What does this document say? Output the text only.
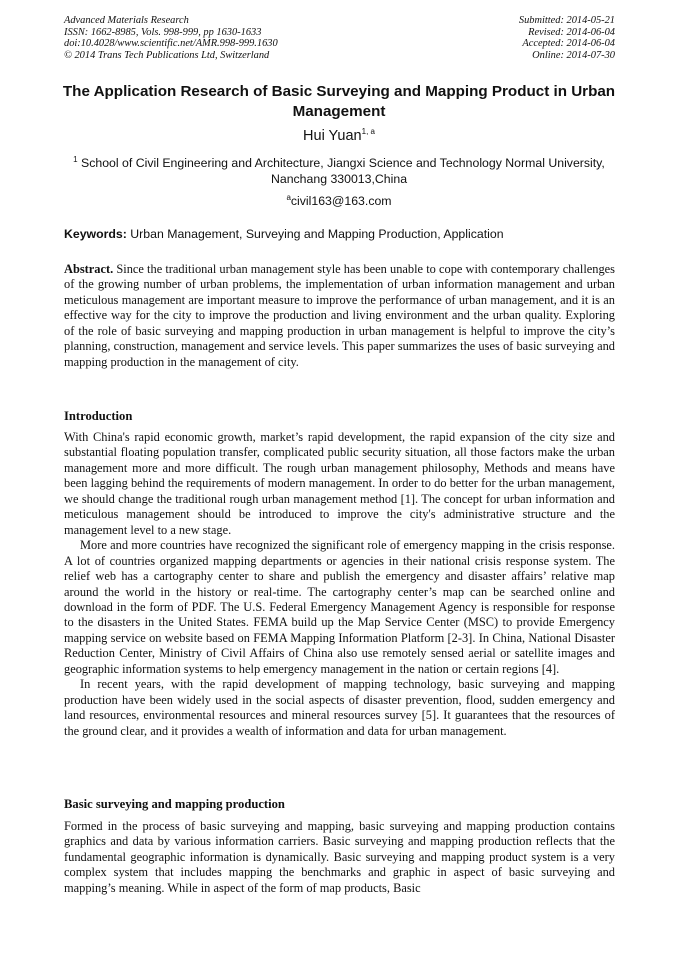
Advanced Materials Research
ISSN: 1662-8985, Vols. 998-999, pp 1630-1633
doi:10.4028/www.scientific.net/AMR.998-999.1630
© 2014 Trans Tech Publications Ltd, Switzerland
Submitted: 2014-05-21
Revised: 2014-06-04
Accepted: 2014-06-04
Online: 2014-07-30
The Application Research of Basic Surveying and Mapping Product in Urban Management
Hui Yuan$^{1, a}$
$^1$ School of Civil Engineering and Architecture, Jiangxi Science and Technology Normal University, Nanchang 330013,China
$^a$civil163@163.com
Keywords: Urban Management, Surveying and Mapping Production, Application

Abstract. Since the traditional urban management style has been unable to cope with contemporary challenges of the growing number of urban problems, the implementation of urban information management and urban meticulous management are important measure to improve the performance of urban management, and it is an effective way for the city to improve the production and living environment and the urban quality. Exploring of the role of basic surveying and mapping production in urban management is helpful to improve the city’s planning, construction, management and service levels. This paper summarizes the uses of basic surveying and mapping production in the management of city.

Introduction

With China's rapid economic growth, market’s rapid development, the rapid expansion of the city size and substantial floating population transfer, complicated public security situation, all those factors make the urban management more and more difficult. The rough urban management philosophy, Methods and means have been lagging behind the requirements of modern management. In order to do better for the urban management, we should change the traditional rough urban management method [1]. The concept for urban information and meticulous management should be introduced to improve the city's administrative structure and the management level to a new stage.

More and more countries have recognized the significant role of emergency mapping in the crisis response. A lot of countries organized mapping departments or agencies in their national crisis response system. The relief web has a cartography center to share and publish the emergency and disaster affairs’ relative map around the world in the history or real-time. The cartography center’s map can be searched online and download in the form of PDF. The U.S. Federal Emergency Management Agency is responsible for response to the disasters in the United States. FEMA build up the Map Service Center (MSC) to provide Emergency mapping service on website based on FEMA Mapping Information Platform [2-3]. In China, National Disaster Reduction Center, Ministry of Civil Affairs of China also use remotely sensed aerial or satellite images and geographic information systems to help emergency management in the nation or certain regions [4].

In recent years, with the rapid development of mapping technology, basic surveying and mapping production have been widely used in the social aspects of disaster prevention, flood, sudden emergency and land resources, environmental resources and mineral resources survey [5]. It guarantees that the resources of the ground clear, and it provides a wealth of information and data for urban management.

Basic surveying and mapping production

Formed in the process of basic surveying and mapping, basic surveying and mapping production contains graphics and data by various information carriers. Basic surveying and mapping production reflects that the fundamental geographic information is dynamically. Basic surveying and mapping product system is a very complex system that includes mapping the benchmarks and graphic in aspect of basic surveying and mapping’s meaning. While in aspect of the form of map products, Basic
